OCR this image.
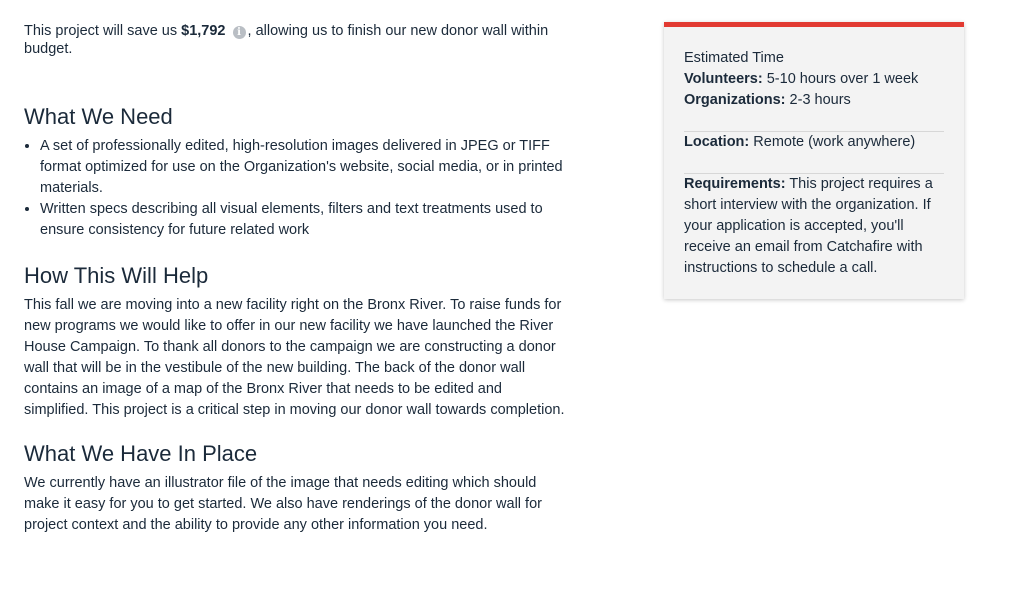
This project will save us $1,792 i , allowing us to finish our new donor wall within budget.

What We Need
• A set of professionally edited, high-resolution images delivered in JPEG or TIFF format optimized for use on the Organization's website, social media, or in printed materials.
• Written specs describing all visual elements, filters and text treatments used to ensure consistency for future related work
How This Will Help

This fall we are moving into a new facility right on the Bronx River. To raise funds for new programs we would like to offer in our new facility we have launched the River House Campaign. To thank all donors to the campaign we are constructing a donor wall that will be in the vestibule of the new building. The back of the donor wall contains an image of a map of the Bronx River that needs to be edited and simplified. This project is a critical step in moving our donor wall towards completion.

What We Have In Place

We currently have an illustrator file of the image that needs editing which should make it easy for you to get started. We also have renderings of the donor wall for project context and the ability to provide any other information you need.

Estimated Time
Volunteers: 5-10 hours over 1 week
Organizations: 2-3 hours
Location: Remote (work anywhere)
Requirements: This project requires a short interview with the organization. If your application is accepted, you'll receive an email from Catchafire with instructions to schedule a call.
